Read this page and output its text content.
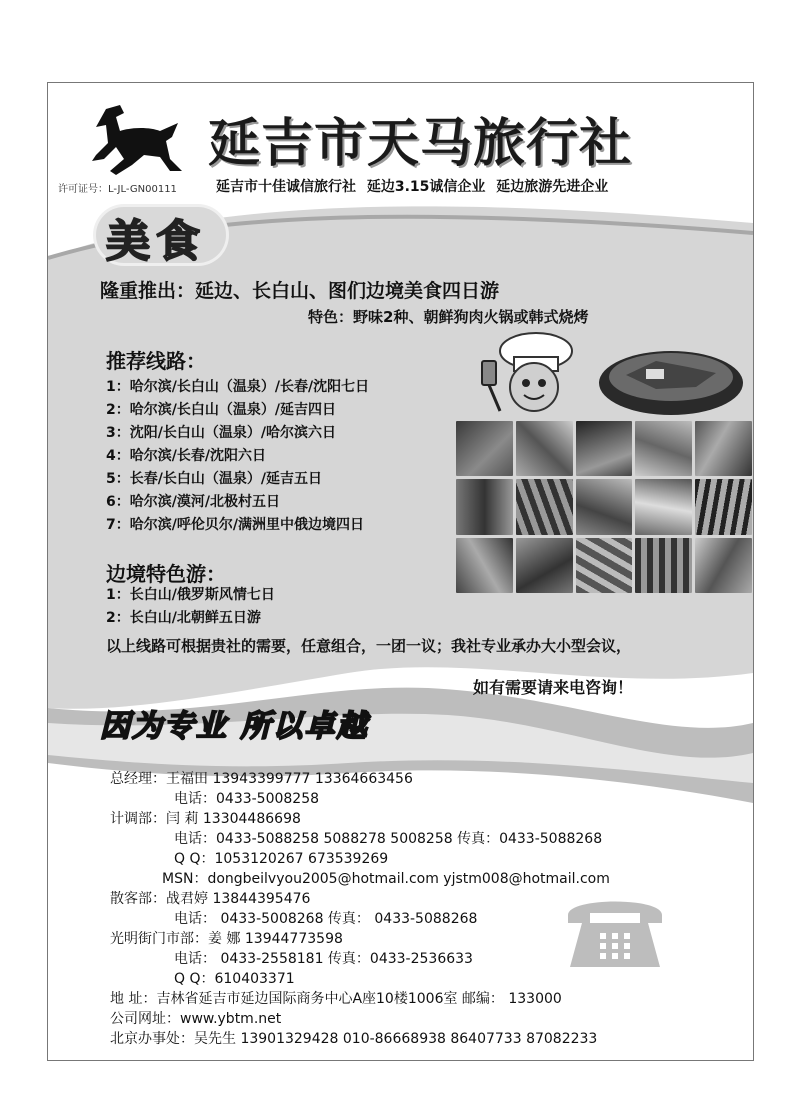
延吉市天马旅行社
许可证号：L-JL-GN00111	延吉市十佳诚信旅行社 延边3.15诚信企业 延边旅游先进企业
美食
隆重推出：延边、长白山、图们边境美食四日游
特色：野味2种、朝鲜狗肉火锅或韩式烧烤
推荐线路：
1：哈尔滨/长白山（温泉）/长春/沈阳七日
2：哈尔滨/长白山（温泉）/延吉四日
3：沈阳/长白山（温泉）/哈尔滨六日
4：哈尔滨/长春/沈阳六日
5：长春/长白山（温泉）/延吉五日
6：哈尔滨/漠河/北极村五日
7：哈尔滨/呼伦贝尔/满洲里中俄边境四日
边境特色游：
1：长白山/俄罗斯风情七日
2：长白山/北朝鲜五日游
以上线路可根据贵社的需要，任意组合，一团一议；我社专业承办大小型会议，
如有需要请来电咨询！
因为专业 所以卓越
总经理：王福田 13943399777 13364663456
电话：0433-5008258
计调部：闫 莉 13304486698
电话：0433-5088258 5088278 5008258 传真：0433-5088268
Q Q：1053120267 673539269
MSN：dongbeilvyou2005@hotmail.com yjstm008@hotmail.com
散客部：战君婷 13844395476
电话： 0433-5008268 传真： 0433-5088268
光明街门市部：姜 娜 13944773598
电话： 0433-2558181 传真：0433-2536633
Q Q：610403371
地 址：吉林省延吉市延边国际商务中心A座10楼1006室 邮编： 133000
公司网址：www.ybtm.net
北京办事处：吴先生 13901329428 010-86668938 86407733 87082233
